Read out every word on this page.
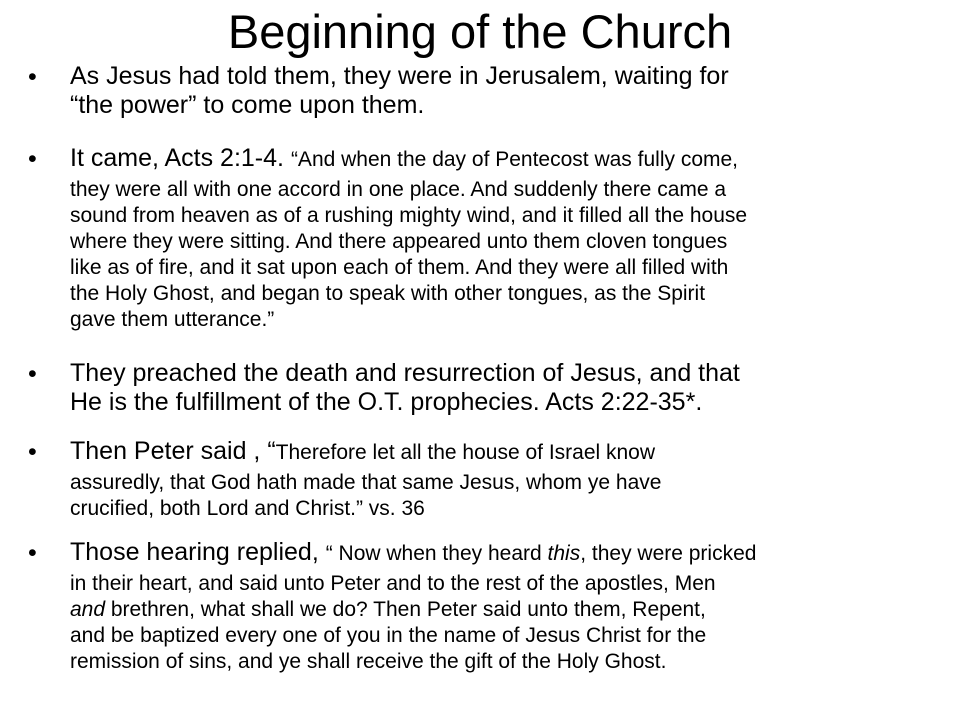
Beginning of the Church
• As Jesus had told them, they were in Jerusalem, waiting for
“the power” to come upon them.
• It came, Acts 2:1-4. “And when the day of Pentecost was fully come,
they were all with one accord in one place. And suddenly there came a
sound from heaven as of a rushing mighty wind, and it filled all the house
where they were sitting. And there appeared unto them cloven tongues
like as of fire, and it sat upon each of them. And they were all filled with
the Holy Ghost, and began to speak with other tongues, as the Spirit
gave them utterance.”
• They preached the death and resurrection of Jesus, and that
He is the fulfillment of the O.T. prophecies. Acts 2:22-35*.
• Then Peter said , “Therefore let all the house of Israel know
assuredly, that God hath made that same Jesus, whom ye have
crucified, both Lord and Christ.” vs. 36
• Those hearing replied, “ Now when they heard this, they were pricked
in their heart, and said unto Peter and to the rest of the apostles, Men
and brethren, what shall we do? Then Peter said unto them, Repent,
and be baptized every one of you in the name of Jesus Christ for the
remission of sins, and ye shall receive the gift of the Holy Ghost.
